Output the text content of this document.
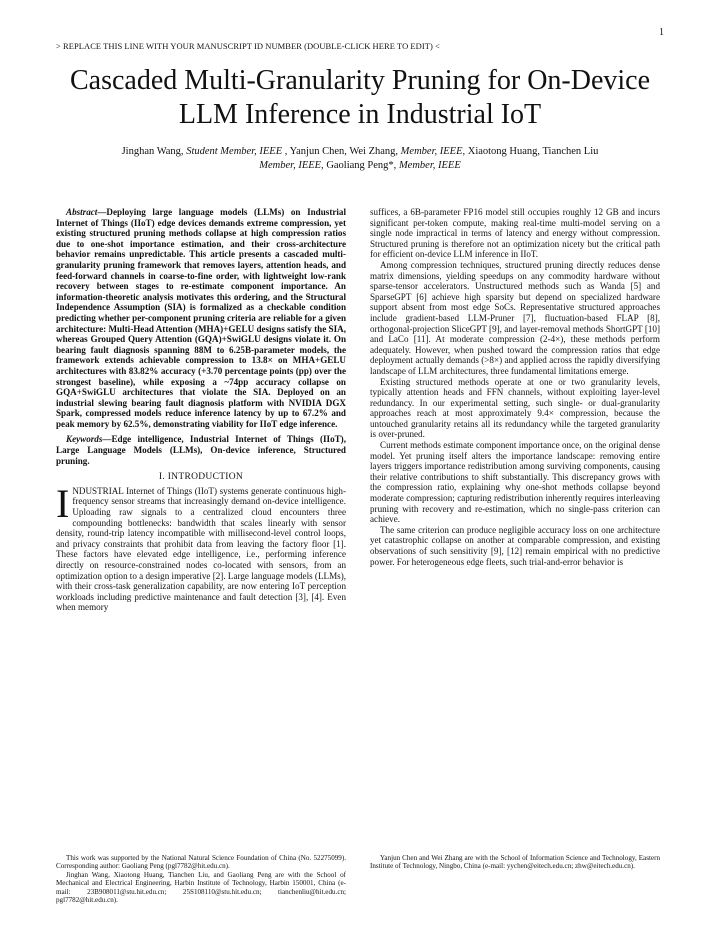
1
> REPLACE THIS LINE WITH YOUR MANUSCRIPT ID NUMBER (DOUBLE-CLICK HERE TO EDIT) <
Cascaded Multi-Granularity Pruning for On-Device
LLM Inference in Industrial IoT
Jinghan Wang, Student Member, IEEE , Yanjun Chen, Wei Zhang, Member, IEEE, Xiaotong Huang, Tianchen Liu
Member, IEEE, Gaoliang Peng*, Member, IEEE

Abstract—Deploying large language models (LLMs) on Industrial Internet of Things (IIoT) edge devices demands extreme compression, yet existing structured pruning methods collapse at high compression ratios due to one-shot importance estimation, and their cross-architecture behavior remains unpredictable. This article presents a cascaded multi-granularity pruning framework that removes layers, attention heads, and feed-forward channels in coarse-to-fine order, with lightweight low-rank recovery between stages to re-estimate component importance. An information-theoretic analysis motivates this ordering, and the Structural Independence Assumption (SIA) is formalized as a checkable condition predicting whether per-component pruning criteria are reliable for a given architecture: Multi-Head Attention (MHA)+GELU designs satisfy the SIA, whereas Grouped Query Attention (GQA)+SwiGLU designs violate it. On bearing fault diagnosis spanning 88M to 6.25B-parameter models, the framework extends achievable compression to 13.8× on MHA+GELU architectures with 83.82% accuracy (+3.70 percentage points (pp) over the strongest baseline), while exposing a ~74pp accuracy collapse on GQA+SwiGLU architectures that violate the SIA. Deployed on an industrial slewing bearing fault diagnosis platform with NVIDIA DGX Spark, compressed models reduce inference latency by up to 67.2% and peak memory by 62.5%, demonstrating viability for IIoT edge inference.

Keywords—Edge intelligence, Industrial Internet of Things (IIoT), Large Language Models (LLMs), On-device inference, Structured pruning.

I. INTRODUCTION

INDUSTRIAL Internet of Things (IIoT) systems generate continuous high-frequency sensor streams that increasingly demand on-device intelligence. Uploading raw signals to a centralized cloud encounters three compounding bottlenecks: bandwidth that scales linearly with sensor density, round-trip latency incompatible with millisecond-level control loops, and privacy constraints that prohibit data from leaving the factory floor [1]. These factors have elevated edge intelligence, i.e., performing inference directly on resource-constrained nodes co-located with sensors, from an optimization option to a design imperative [2]. Large language models (LLMs), with their cross-task generalization capability, are now entering IoT perception workloads including predictive maintenance and fault detection [3], [4]. Even when memory

suffices, a 6B-parameter FP16 model still occupies roughly 12 GB and incurs significant per-token compute, making real-time multi-model serving on a single node impractical in terms of latency and energy without compression. Structured pruning is therefore not an optimization nicety but the critical path for efficient on-device LLM inference in IIoT.

Among compression techniques, structured pruning directly reduces dense matrix dimensions, yielding speedups on any commodity hardware without sparse-tensor accelerators. Unstructured methods such as Wanda [5] and SparseGPT [6] achieve high sparsity but depend on specialized hardware support absent from most edge SoCs. Representative structured approaches include gradient-based LLM-Pruner [7], fluctuation-based FLAP [8], orthogonal-projection SliceGPT [9], and layer-removal methods ShortGPT [10] and LaCo [11]. At moderate compression (2-4×), these methods perform adequately. However, when pushed toward the compression ratios that edge deployment actually demands (>8×) and applied across the rapidly diversifying landscape of LLM architectures, three fundamental limitations emerge.

Existing structured methods operate at one or two granularity levels, typically attention heads and FFN channels, without exploiting layer-level redundancy. In our experimental setting, such single- or dual-granularity approaches reach at most approximately 9.4× compression, because the untouched granularity retains all its redundancy while the targeted granularity is over-pruned.

Current methods estimate component importance once, on the original dense model. Yet pruning itself alters the importance landscape: removing entire layers triggers importance redistribution among surviving components, causing their relative contributions to shift substantially. This discrepancy grows with the compression ratio, explaining why one-shot methods collapse beyond moderate compression; capturing redistribution inherently requires interleaving pruning with recovery and re-estimation, which no single-pass criterion can achieve.

The same criterion can produce negligible accuracy loss on one architecture yet catastrophic collapse on another at comparable compression, and existing observations of such sensitivity [9], [12] remain empirical with no predictive power. For heterogeneous edge fleets, such trial-and-error behavior is

This work was supported by the National Natural Science Foundation of China (No. 52275099). Corresponding author: Gaoliang Peng (pgl7782@hit.edu.cn).

Jinghan Wang, Xiaotong Huang, Tianchen Liu, and Gaoliang Peng are with the School of Mechanical and Electrical Engineering, Harbin Institute of Technology, Harbin 150001, China (e-mail: 23B908011@stu.hit.edu.cn; 25S108110@stu.hit.edu.cn; tianchenliu@hit.edu.cn; pgl7782@hit.edu.cn).

Yanjun Chen and Wei Zhang are with the School of Information Science and Technology, Eastern Institute of Technology, Ningbo, China (e-mail: yychen@eitech.edu.cn; zhw@eitech.edu.cn).
